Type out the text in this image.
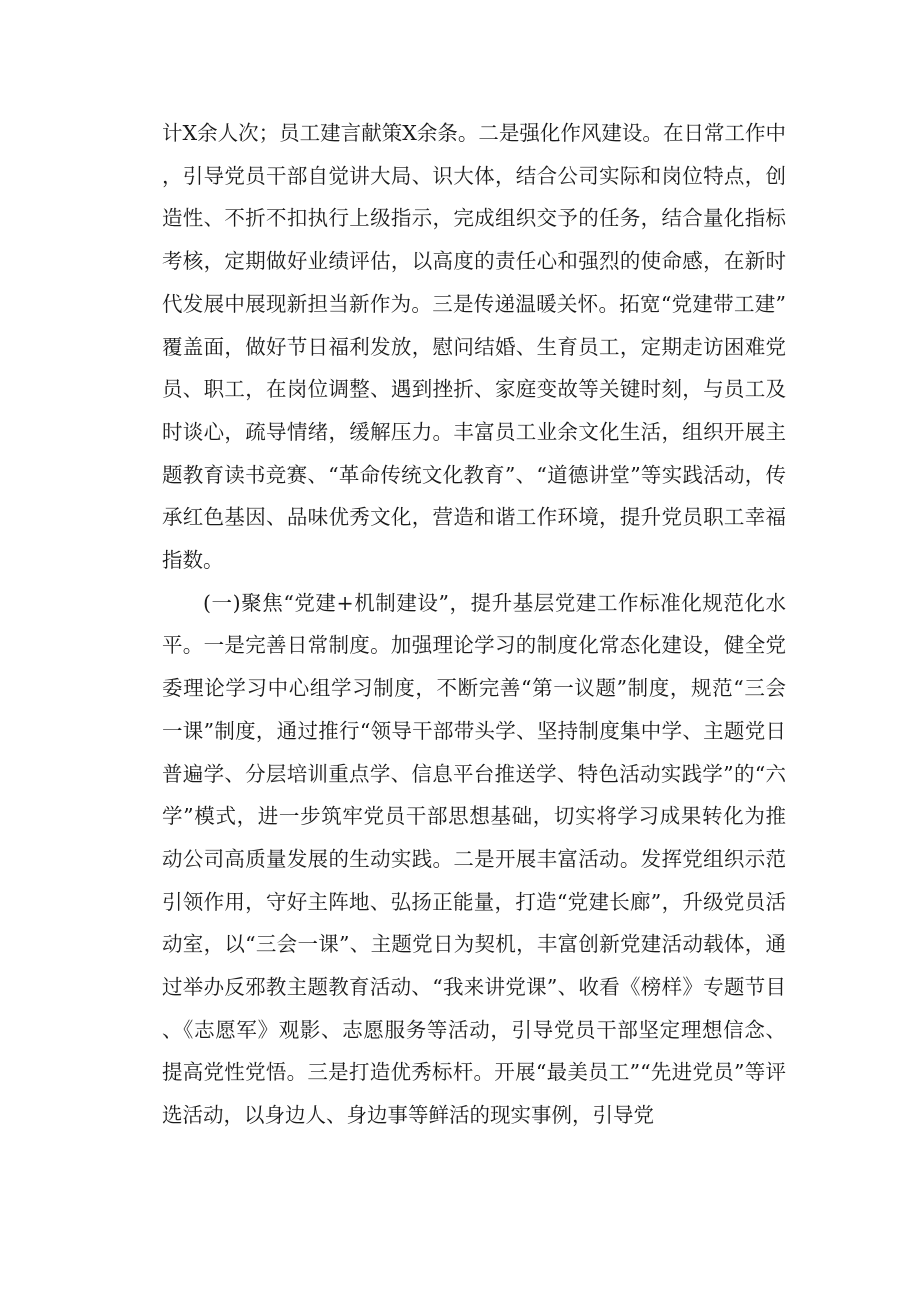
计X余人次；员工建言献策X余条。二是强化作风建设。在日常工作中，引导党员干部自觉讲大局、识大体，结合公司实际和岗位特点，创造性、不折不扣执行上级指示，完成组织交予的任务，结合量化指标考核，定期做好业绩评估，以高度的责任心和强烈的使命感，在新时代发展中展现新担当新作为。三是传递温暖关怀。拓宽“党建带工建”覆盖面，做好节日福利发放，慰问结婚、生育员工，定期走访困难党员、职工，在岗位调整、遇到挫折、家庭变故等关键时刻，与员工及时谈心，疏导情绪，缓解压力。丰富员工业余文化生活，组织开展主题教育读书竞赛、“革命传统文化教育”、“道德讲堂”等实践活动，传承红色基因、品味优秀文化，营造和谐工作环境，提升党员职工幸福指数。

(一)聚焦“党建+机制建设”，提升基层党建工作标准化规范化水平。一是完善日常制度。加强理论学习的制度化常态化建设，健全党委理论学习中心组学习制度，不断完善“第一议题”制度，规范“三会一课”制度，通过推行“领导干部带头学、坚持制度集中学、主题党日普遍学、分层培训重点学、信息平台推送学、特色活动实践学”的“六学”模式，进一步筑牢党员干部思想基础，切实将学习成果转化为推动公司高质量发展的生动实践。二是开展丰富活动。发挥党组织示范引领作用，守好主阵地、弘扬正能量，打造“党建长廊”，升级党员活动室，以“三会一课”、主题党日为契机，丰富创新党建活动载体，通过举办反邪教主题教育活动、“我来讲党课”、收看《榜样》专题节目、《志愿军》观影、志愿服务等活动，引导党员干部坚定理想信念、提高党性党悟。三是打造优秀标杆。开展“最美员工”“先进党员”等评选活动，以身边人、身边事等鲜活的现实事例，引导党
